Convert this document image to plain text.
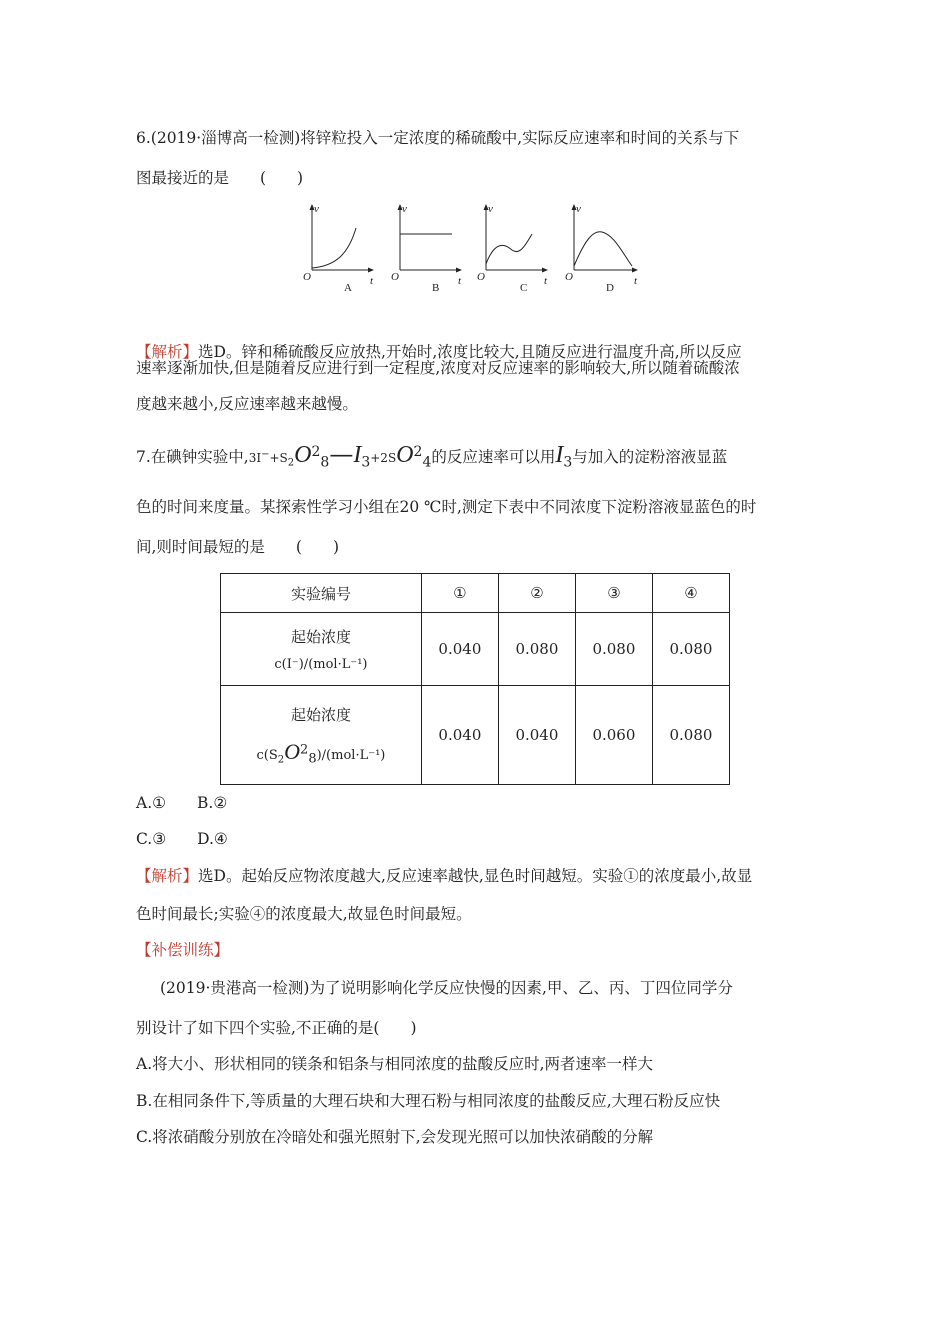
6.(2019·淄博高一检测)将锌粒投入一定浓度的稀硫酸中,实际反应速率和时间的关系与下
图最接近的是　　(　　)
v
t
O
A
v
t
O
B
v
t
O
C
v
t
O
D
【解析】选D。锌和稀硫酸反应放热,开始时,浓度比较大,且随反应进行温度升高,所以反应
速率逐渐加快,但是随着反应进行到一定程度,浓度对反应速率的影响较大,所以随着硫酸浓
度越来越小,反应速率越来越慢。
7.在碘钟实验中$,3I^-+S_2O28—I3+2SO24$的反应速率可以用I3与加入的淀粉溶液显蓝
色的时间来度量。某探索性学习小组在20 ℃时,测定下表中不同浓度下淀粉溶液显蓝色的时
间,则时间最短的是　　(　　)
实验编号	①	②	③	④
起始浓度
c(I⁻)/(mol·L⁻¹)	0.040	0.080	0.080	0.080
起始浓度
$c(S_2O28)/(mol\cdot L^{-1})$	0.040	0.040	0.060	0.080
A.①　　B.②
C.③　　D.④
【解析】选D。起始反应物浓度越大,反应速率越快,显色时间越短。实验①的浓度最小,故显
色时间最长;实验④的浓度最大,故显色时间最短。
【补偿训练】
(2019·贵港高一检测)为了说明影响化学反应快慢的因素,甲、乙、丙、丁四位同学分
别设计了如下四个实验,不正确的是(　　)
A.将大小、形状相同的镁条和铝条与相同浓度的盐酸反应时,两者速率一样大
B.在相同条件下,等质量的大理石块和大理石粉与相同浓度的盐酸反应,大理石粉反应快
C.将浓硝酸分别放在冷暗处和强光照射下,会发现光照可以加快浓硝酸的分解
